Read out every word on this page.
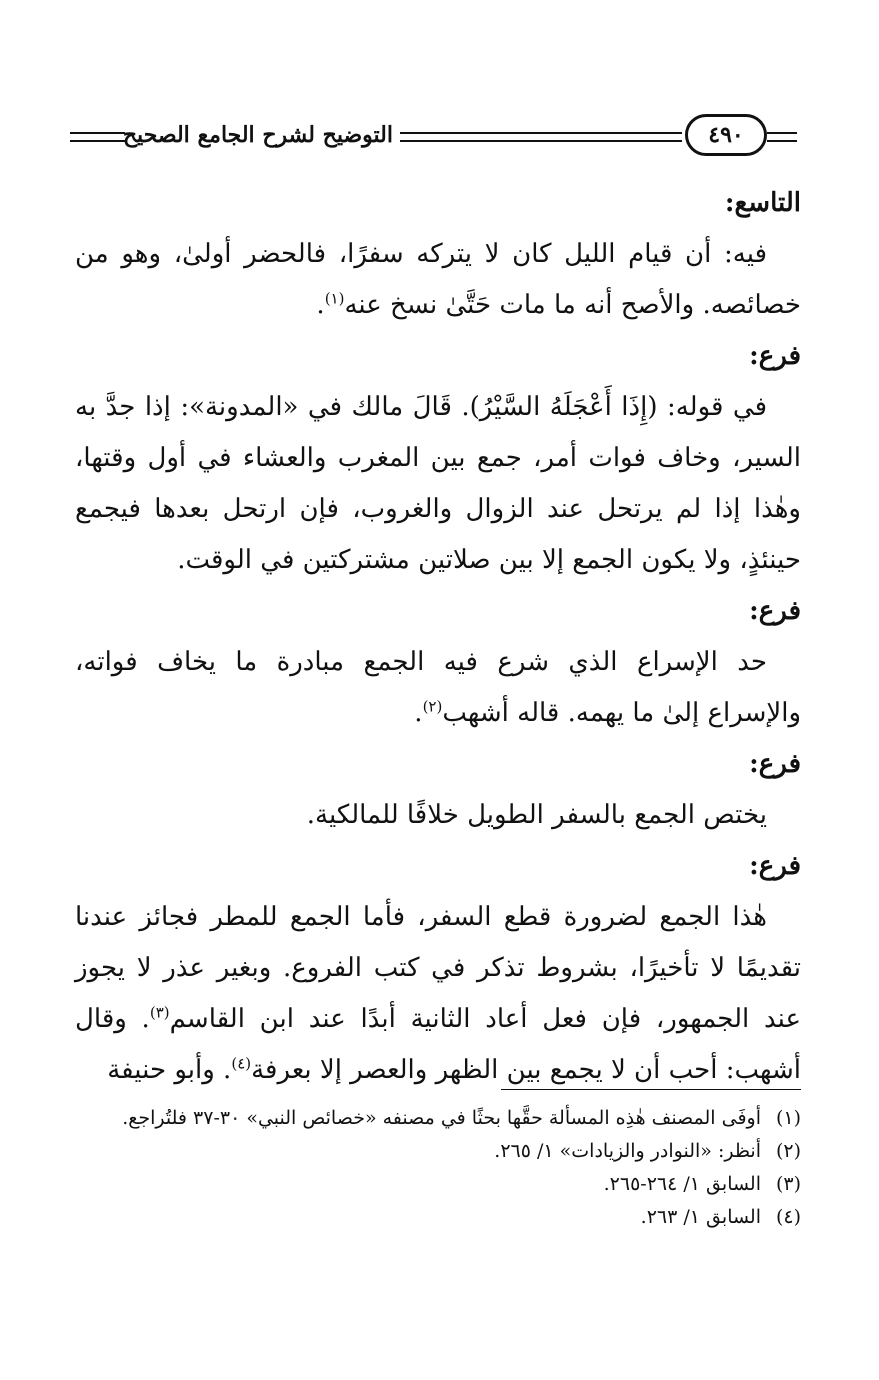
التوضيح لشرح الجامع الصحيح	٤٩٠

التاسع:

فيه: أن قيام الليل كان لا يتركه سفرًا، فالحضر أولىٰ، وهو من خصائصه. والأصح أنه ما مات حَتَّىٰ نسخ عنه$^{(١)}$.

فرع:

في قوله: (إِذَا أَعْجَلَهُ السَّيْرُ). قَالَ مالك في «المدونة»: إذا جدَّ به السير، وخاف فوات أمر، جمع بين المغرب والعشاء في أول وقتها، وهٰذا إذا لم يرتحل عند الزوال والغروب، فإن ارتحل بعدها فيجمع حينئذٍ، ولا يكون الجمع إلا بين صلاتين مشتركتين في الوقت.

فرع:

حد الإسراع الذي شرع فيه الجمع مبادرة ما يخاف فواته، والإسراع إلىٰ ما يهمه. قاله أشهب$^{(٢)}$.

فرع:

يختص الجمع بالسفر الطويل خلافًا للمالكية.

فرع:

هٰذا الجمع لضرورة قطع السفر، فأما الجمع للمطر فجائز عندنا تقديمًا لا تأخيرًا، بشروط تذكر في كتب الفروع. وبغير عذر لا يجوز عند الجمهور، فإن فعل أعاد الثانية أبدًا عند ابن القاسم$^{(٣)}$. وقال أشهب: أحب أن لا يجمع بين الظهر والعصر إلا بعرفة$^{(٤)}$. وأبو حنيفة

(١)
أوفَى المصنف هٰذِه المسألة حقَّها بحثًا في مصنفه «خصائص النبي» ٣٠-٣٧ فلتُراجع.
(٢)
أنظر: «النوادر والزيادات» ١/ ٢٦٥.
(٣)
السابق ١/ ٢٦٤-٢٦٥.
(٤)
السابق ١/ ٢٦٣.
